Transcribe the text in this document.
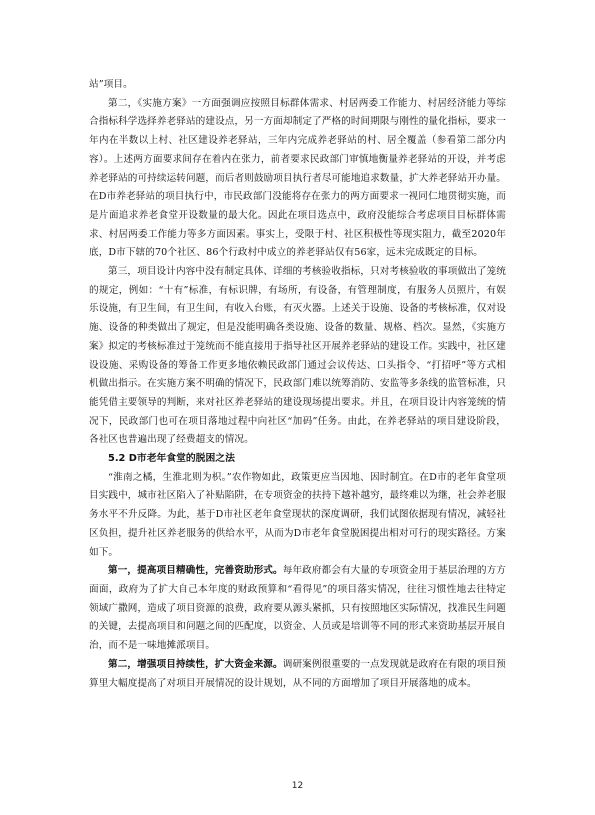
站”项目。

第二，《实施方案》一方面强调应按照目标群体需求、村居两委工作能力、村居经济能力等综合指标科学选择养老驿站的建设点，另一方面却制定了严格的时间期限与刚性的量化指标，要求一年内在半数以上村、社区建设养老驿站，三年内完成养老驿站的村、居全覆盖（参看第二部分内容）。上述两方面要求间存在着内在张力，前者要求民政部门审慎地衡量养老驿站的开设，并考虑养老驿站的可持续运转问题，而后者则鼓励项目执行者尽可能地追求数量，扩大养老驿站开办量。在D市养老驿站的项目执行中，市民政部门没能将存在张力的两方面要求一视同仁地贯彻实施，而是片面追求养老食堂开设数量的最大化。因此在项目选点中，政府没能综合考虑项目目标群体需求、村居两委工作能力等多方面因素。事实上，受限于村、社区积极性等现实阻力，截至2020年底，D市下辖的70个社区、86个行政村中成立的养老驿站仅有56家，远未完成既定的目标。

第三，项目设计内容中没有制定具体、详细的考核验收指标，只对考核验收的事项做出了笼统的规定，例如：“十有”标准，有标识牌，有场所，有设备，有管理制度，有服务人员照片，有娱乐设施，有卫生间，有卫生间，有收入台账，有灭火器。上述关于设施、设备的考核标准，仅对设施、设备的种类做出了规定，但是没能明确各类设施、设备的数量、规格、档次。显然，《实施方案》拟定的考核标准过于笼统而不能直接用于指导社区开展养老驿站的建设工作。实践中，社区建设设施、采购设备的筹备工作更多地依赖民政部门通过会议传达、口头指令、“打招呼”等方式相机做出指示。在实施方案不明确的情况下，民政部门难以统筹消防、安监等多条线的监管标准，只能凭借主要领导的判断，来对社区养老驿站的建设现场提出要求。并且，在项目设计内容笼统的情况下，民政部门也可在项目落地过程中向社区“加码”任务。由此，在养老驿站的项目建设阶段，各社区也普遍出现了经费超支的情况。

5.2 D市老年食堂的脱困之法

“淮南之橘，生淮北则为枳。”农作物如此，政策更应当因地、因时制宜。在D市的老年食堂项目实践中，城市社区陷入了补贴陷阱，在专项资金的扶持下越补越穷，最终难以为继，社会养老服务水平不升反降。为此，基于D市社区老年食堂现状的深度调研，我们试图依据现有情况，减轻社区负担，提升社区养老服务的供给水平，从而为D市老年食堂脱困提出相对可行的现实路径。方案如下。

第一，提高项目精确性，完善资助形式。每年政府都会有大量的专项资金用于基层治理的方方面面，政府为了扩大自己本年度的财政预算和“看得见”的项目落实情况，往往习惯性地去往特定领域广撒网，造成了项目资源的浪费，政府要从源头紧抓，只有按照地区实际情况，找准民生问题的关键，去提高项目和问题之间的匹配度，以资金、人员或是培训等不同的形式来资助基层开展自治，而不是一味地摊派项目。

第二，增强项目持续性，扩大资金来源。调研案例很重要的一点发现就是政府在有限的项目预算里大幅度提高了对项目开展情况的设计规划，从不同的方面增加了项目开展落地的成本。

12
